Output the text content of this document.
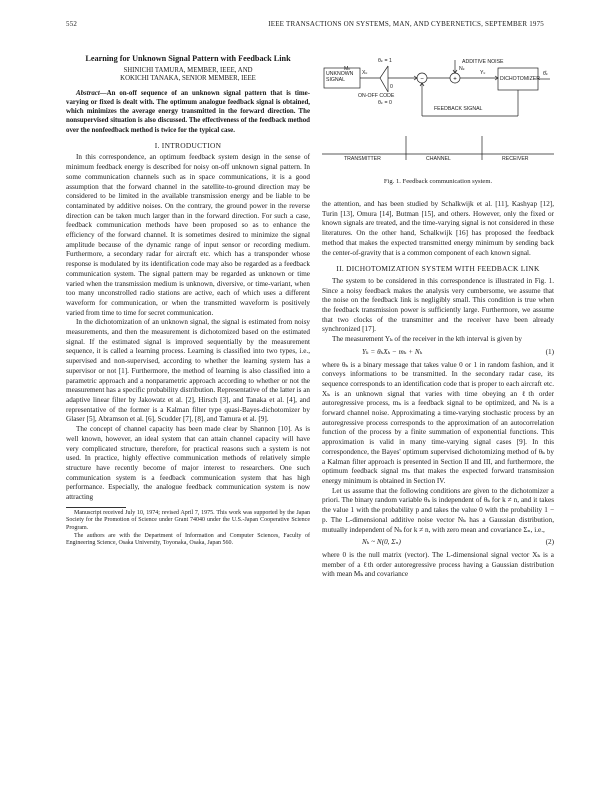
552	IEEE TRANSACTIONS ON SYSTEMS, MAN, AND CYBERNETICS, SEPTEMBER 1975
Learning for Unknown Signal Pattern with Feedback Link
SHINICHI TAMURA, MEMBER, IEEE, AND
KOKICHI TANAKA, SENIOR MEMBER, IEEE

Abstract—An on-off sequence of an unknown signal pattern that is time-varying or fixed is dealt with. The optimum analogue feedback signal is obtained, which minimizes the average energy transmitted in the forward direction. The nonsupervised situation is also discussed. The effectiveness of the feedback method over the nonfeedback method is twice for the typical case.

I. INTRODUCTION

In this correspondence, an optimum feedback system design in the sense of minimum feedback energy is described for noisy on-off unknown signal pattern. In some communication channels such as in space communications, it is a good assumption that the forward channel in the satellite-to-ground direction may be considered to be limited in the available transmission energy and be liable to be contaminated by additive noises. On the contrary, the ground power in the reverse direction can be taken much larger than in the forward direction. For such a case, feedback communication methods have been proposed so as to enhance the efficiency of the forward channel. It is sometimes desired to minimize the signal amplitude because of the dynamic range of input sensor or recording medium. Furthermore, a secondary radar for aircraft etc. which has a transponder whose response is modulated by its identification code may also be regarded as a feedback communication system. The signal pattern may be regarded as unknown or time varied when the transmission medium is unknown, diversive, or time-variant, when too many unconstrolled radio stations are active, each of which uses a different waveform for communication, or when the transmitted waveform is positively varied from time to time for secret communication.

In the dichotomization of an unknown signal, the signal is estimated from noisy measurements, and then the measurement is dichotomized based on the estimated signal. If the estimated signal is improved sequentially by the measurement sequence, it is called a learning process. Learning is classified into two types, i.e., supervised and non-supervised, according to whether the learning system has a supervisor or not [1]. Furthermore, the method of learning is also classified into a parametric approach and a nonparametric approach according to whether or not the measurement has a specific probability distribution. Representative of the latter is an adaptive linear filter by Jakowatz et al. [2], Hirsch [3], and Tanaka et al. [4], and representative of the former is a Kalman filter type quasi-Bayes-dichotomizer by Glaser [5], Abramson et al. [6], Scudder [7], [8], and Tamura et al. [9].

The concept of channel capacity has been made clear by Shannon [10]. As is well known, however, an ideal system that can attain channel capacity will have very complicated structure, therefore, for practical reasons such a system is not used. In practice, highly effective communication methods of relatively simple structure have recently become of major interest to researchers. One such communication system is a feedback communication system that has high performance. Especially, the analogue feedback communication system is now attracting

Manuscript received July 10, 1974; revised April 7, 1975. This work was supported by the Japan Society for the Promotion of Science under Grant 74040 under the U.S.-Japan Cooperative Science Program.

The authors are with the Department of Information and Computer Sciences, Faculty of Engineering Science, Osaka University, Toyonaka, Osaka, Japan 560.

−	+
UNKNOWN SIGNAL
θₖ = 1
Xₖ
ON-OFF CODE
Mₖ
0
θₖ = 0
ADDITIVE NOISE
Nₖ
Yₖ
DICHOTOMIZER
θ̂ₖ
FEEDBACK SIGNAL
TRANSMITTER	CHANNEL	RECEIVER
Fig. 1. Feedback communication system.

the attention, and has been studied by Schalkwijk et al. [11], Kashyap [12], Turin [13], Omura [14], Butman [15], and others. However, only the fixed or known signals are treated, and the time-varying signal is not considered in these literatures. On the other hand, Schalkwijk [16] has proposed the feedback method that makes the expected transmitted energy minimum by sending back the center-of-gravity that is a common component of each known signal.

II. DICHOTOMIZATION SYSTEM WITH FEEDBACK LINK

The system to be considered in this correspondence is illustrated in Fig. 1. Since a noisy feedback makes the analysis very cumbersome, we assume that the noise on the feedback link is negligibly small. This condition is true when the feedback transmission power is sufficiently large. Furthermore, we assume that two clocks of the transmitter and the receiver have been already synchronized [17].

The measurement Yₖ of the receiver in the kth interval is given by

Yₖ = θₖXₖ − mₖ + Nₖ	(1)

where θₖ is a binary message that takes value 0 or 1 in random fashion, and it conveys informations to be transmitted. In the secondary radar case, its sequence corresponds to an identification code that is proper to each aircraft etc. Xₖ is an unknown signal that varies with time obeying an ℓth order autoregressive process, mₖ is a feedback signal to be optimized, and Nₖ is a forward channel noise. Approximating a time-varying stochastic process by an autoregressive process corresponds to the approximation of an autocorrelation function of the process by a finite summation of exponential functions. This approximation is valid in many time-varying signal cases [9]. In this correspondence, the Bayes' optimum supervised dichotomizing method of θₖ by a Kalman filter approach is presented in Section II and III, and furthermore, the optimum feedback signal mₖ that makes the expected forward transmission energy minimum is obtained in Section IV.

Let us assume that the following conditions are given to the dichotomizer a priori. The binary random variable θₖ is independent of θₖ for k ≠ n, and it takes the value 1 with the probability p and takes the value 0 with the probability 1 − p. The L-dimensional additive noise vector Nₖ has a Gaussian distribution, mutually independent of Nₖ for k ≠ n, with zero mean and covariance Σₙ, i.e.,

Nₖ ~ N(0, Σₙ)	(2)

where 0 is the null matrix (vector). The L-dimensional signal vector Xₖ is a member of a ℓth order autoregressive process having a Gaussian distribution with mean Mₖ and covariance
